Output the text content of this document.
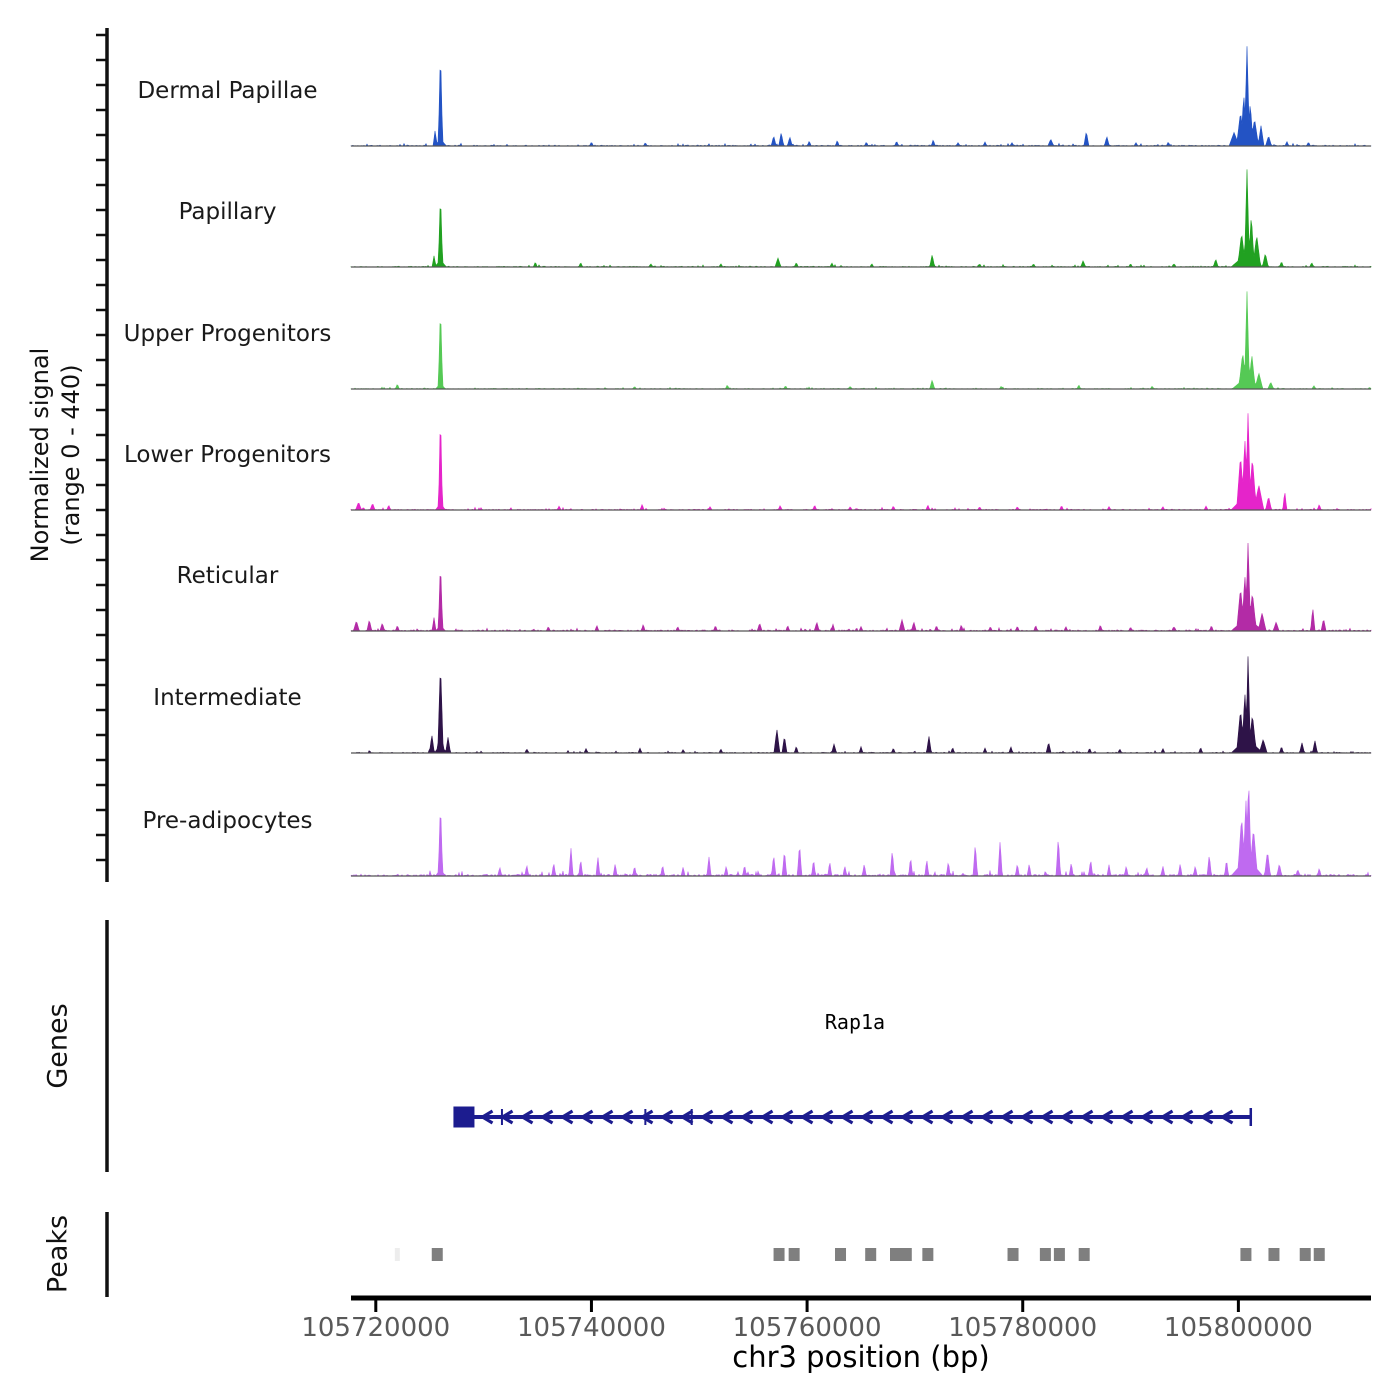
Normalized signal (range 0 - 440)
Dermal Papillae
Papillary
Upper Progenitors
Lower Progenitors
Reticular
Intermediate
Pre-adipocytes
Genes
Peaks
Rap1a
105720000	105740000	105760000	105780000	105800000
chr3 position (bp)
